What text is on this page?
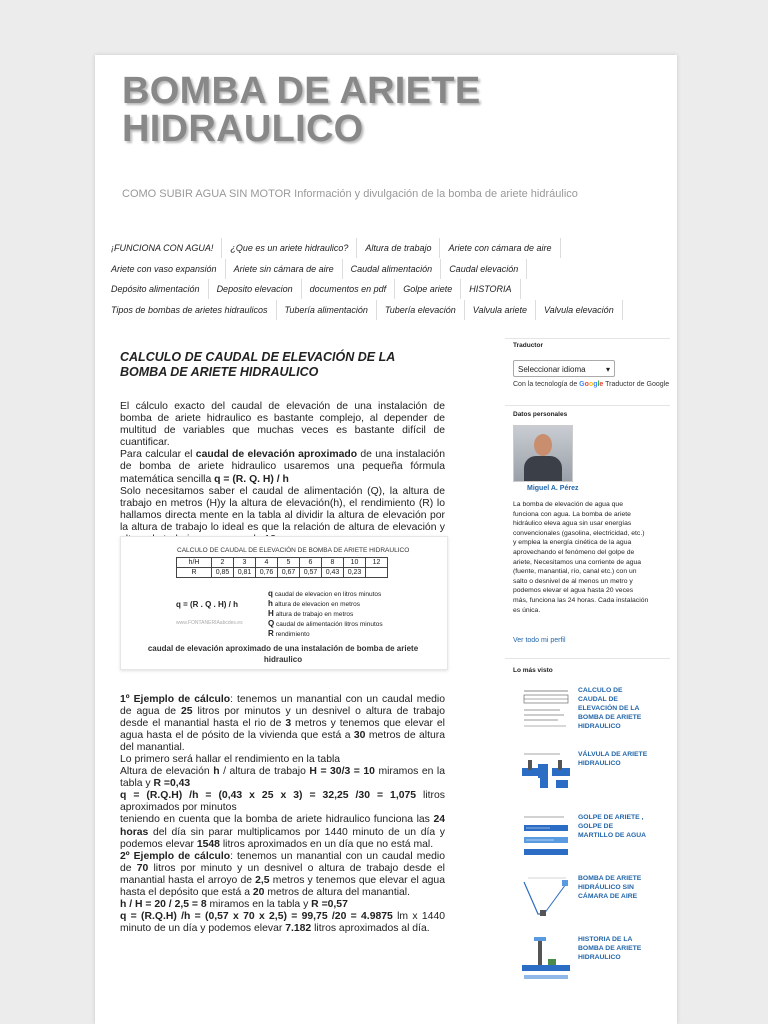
BOMBA DE ARIETE HIDRAULICO
COMO SUBIR AGUA SIN MOTOR Información y divulgación de la bomba de ariete hidráulico
¡FUNCIONA CON AGUA!	¿Que es un ariete hidraulico?	Altura de trabajo	Ariete con cámara de aire
Ariete con vaso expansión	Ariete sin cámara de aire	Caudal alimentación	Caudal elevación
Depósito alimentación	Deposito elevacion	documentos en pdf	Golpe ariete	HISTORIA
Tipos de bombas de arietes hidraulicos	Tubería alimentación	Tubería elevación	Valvula ariete	Valvula elevación
CALCULO DE CAUDAL DE ELEVACIÓN DE LA BOMBA DE ARIETE HIDRAULICO

El cálculo exacto del caudal de elevación de una instalación de bomba de ariete hidraulico es bastante complejo, al depender de multitud de variables que muchas veces es bastante difícil de cuantificar.

Para calcular el caudal de elevación aproximado de una instalación de bomba de ariete hidraulico usaremos una pequeña fórmula matemática sencilla q = (R. Q. H) / h

Solo necesitamos saber el caudal de alimentación (Q), la altura de trabajo en metros (H)y la altura de elevación(h), el rendimiento (R) lo hallamos directa mente en la tabla al dividir la altura de elevación por la altura de trabajo lo ideal es que la relación de altura de elevación y

CALCULO DE CAUDAL DE ELEVACIÓN DE BOMBA DE ARIETE HIDRAULICO
h/H	2	3	4	5	6	8	10	12
R	0,85	0,81	0,76	0,67	0,57	0,43	0,23	
q = (R . Q . H) / h
q caudal de elevacion en litros minutos
h altura de elevacion en metros
H altura de trabajo en metros
Q caudal de alimentación litros minutos
R rendimiento
www.FONTANERIAabcdes.es
caudal de elevación aproximado de una instalación de bomba de ariete hidraulico

1º Ejemplo de cálculo: tenemos un manantial con un caudal medio de agua de 25 litros por minutos y un desnivel o altura de trabajo desde el manantial hasta el rio de 3 metros y tenemos que elevar el agua hasta el de pósito de la vivienda que está a 30 metros de altura del manantial.

Lo primero será hallar el rendimiento en la tabla

Altura de elevación h / altura de trabajo H = 30/3 = 10 miramos en la tabla y R =0,43

q = (R.Q.H) /h = (0,43 x 25 x 3) = 32,25 /30 = 1,075 litros aproximados por minutos

teniendo en cuenta que la bomba de ariete hidraulico funciona las 24 horas del día sin parar multiplicamos por 1440 minuto de un día y podemos elevar 1548 litros aproximados en un día que no está mal.

2º Ejemplo de cálculo: tenemos un manantial con un caudal medio de 70 litros por minuto y un desnivel o altura de trabajo desde el manantial hasta el arroyo de 2,5 metros y tenemos que elevar el agua hasta el depósito que está a 20 metros de altura del manantial.

h / H = 20 / 2,5 = 8 miramos en la tabla y R =0,57

q = (R.Q.H) /h = (0,57 x 70 x 2,5) = 99,75 /20 = 4.9875 lm x 1440 minuto de un día y podemos elevar 7.182 litros aproximados al día.

Traductor
Seleccionar idioma	▾
Con la tecnología de Google Traductor de Google
Datos personales
Miguel A. Pérez
La bomba de elevación de agua que funciona con agua. La bomba de ariete hidráulico eleva agua sin usar energías convencionales (gasolina, electricidad, etc.) y emplea la energía cinética de la agua aprovechando el fenómeno del golpe de ariete, Necesitamos una corriente de agua (fuente, manantial, río, canal etc.) con un salto o desnivel de al menos un metro y podemos elevar el agua hasta 20 veces más, funciona las 24 horas. Cada instalación es única.
Ver todo mi perfil
Lo más visto
CALCULO DE CAUDAL DE ELEVACIÓN DE LA BOMBA DE ARIETE HIDRAULICO
VÁLVULA DE ARIETE HIDRAULICO
GOLPE DE ARIETE , GOLPE DE MARTILLO DE AGUA
BOMBA DE ARIETE HIDRÁULICO SIN CÁMARA DE AIRE
HISTORIA DE LA BOMBA DE ARIETE HIDRAULICO
